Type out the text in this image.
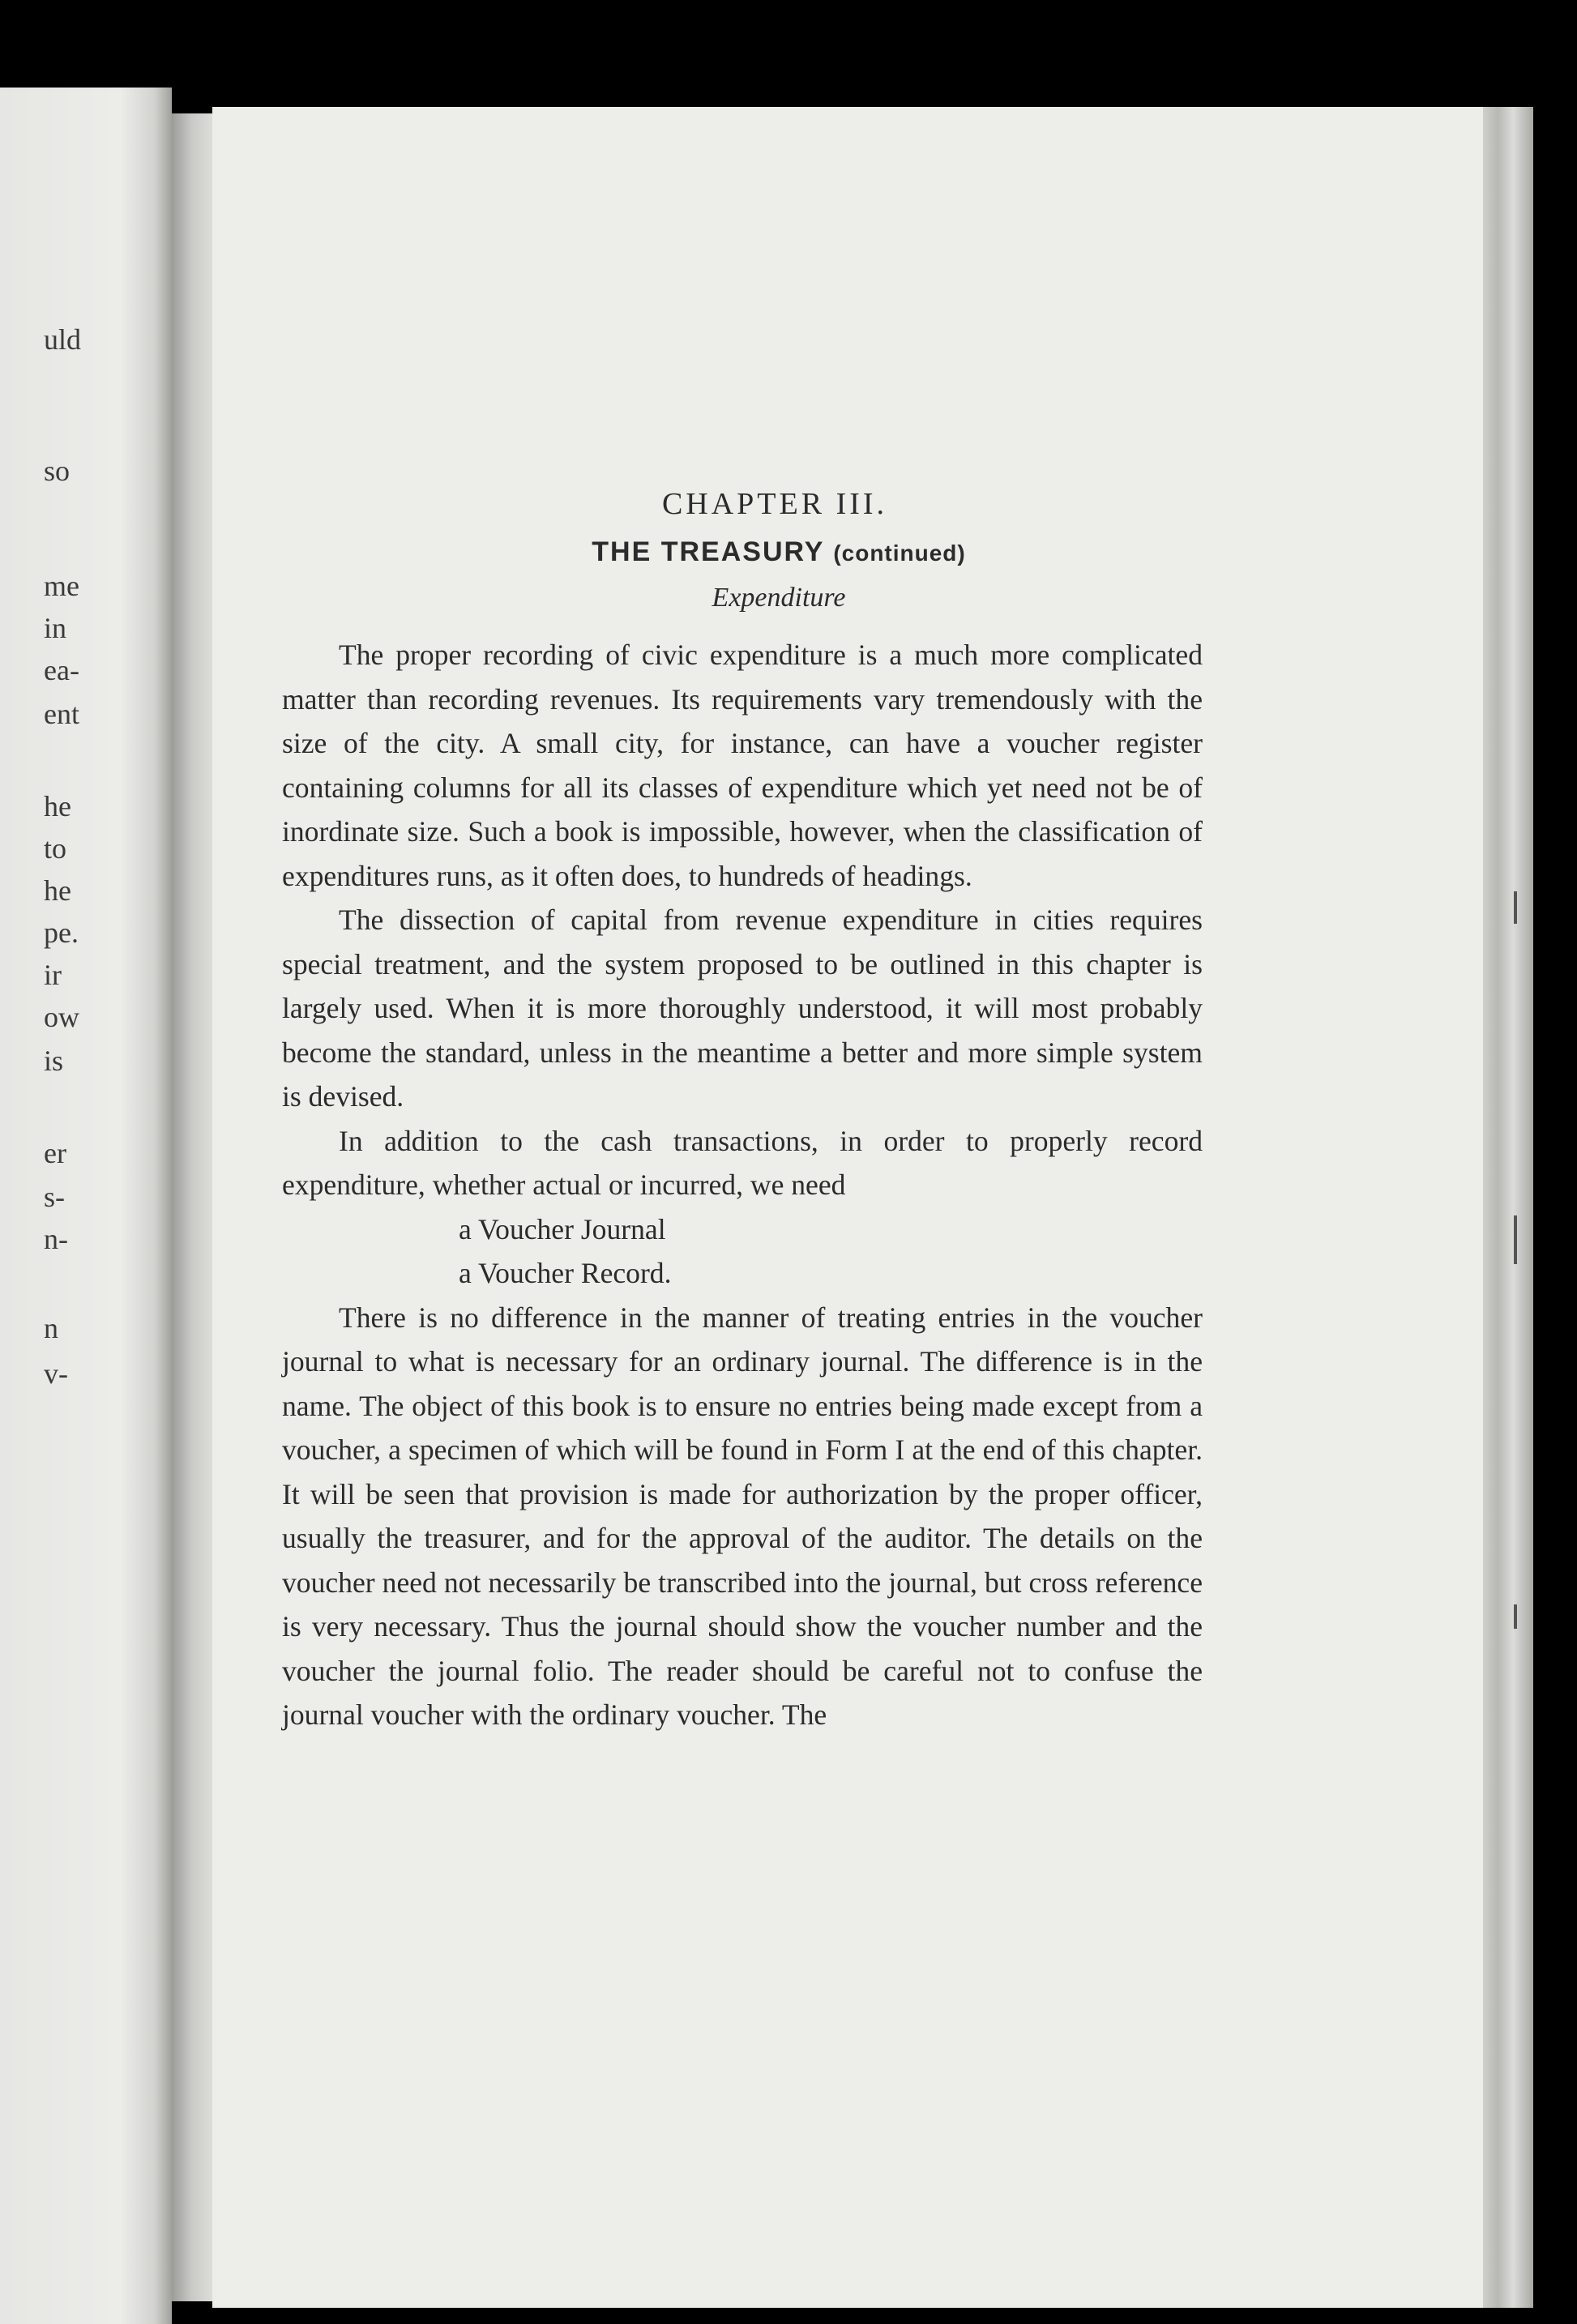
uld
so
me
in
ea-
ent
he
to
he
pe.
ir
ow
is
er
s-
n-
n
v-
CHAPTER III.
THE TREASURY (continued)
Expenditure

The proper recording of civic expenditure is a much more complicated matter than recording revenues. Its requirements vary tremendously with the size of the city. A small city, for instance, can have a voucher register containing columns for all its classes of expenditure which yet need not be of inordinate size. Such a book is impossible, however, when the classification of expenditures runs, as it often does, to hundreds of headings.

The dissection of capital from revenue expenditure in cities requires special treatment, and the system proposed to be outlined in this chapter is largely used. When it is more thoroughly understood, it will most probably become the standard, unless in the meantime a better and more simple system is devised.

In addition to the cash transactions, in order to properly record expenditure, whether actual or incurred, we need

a Voucher Journal
a Voucher Record.

There is no difference in the manner of treating entries in the voucher journal to what is necessary for an ordinary journal. The difference is in the name. The object of this book is to ensure no entries being made except from a voucher, a specimen of which will be found in Form I at the end of this chapter. It will be seen that provision is made for authorization by the proper officer, usually the treasurer, and for the approval of the auditor. The details on the voucher need not necessarily be transcribed into the journal, but cross reference is very necessary. Thus the journal should show the voucher number and the voucher the journal folio. The reader should be careful not to confuse the journal voucher with the ordinary voucher. The
